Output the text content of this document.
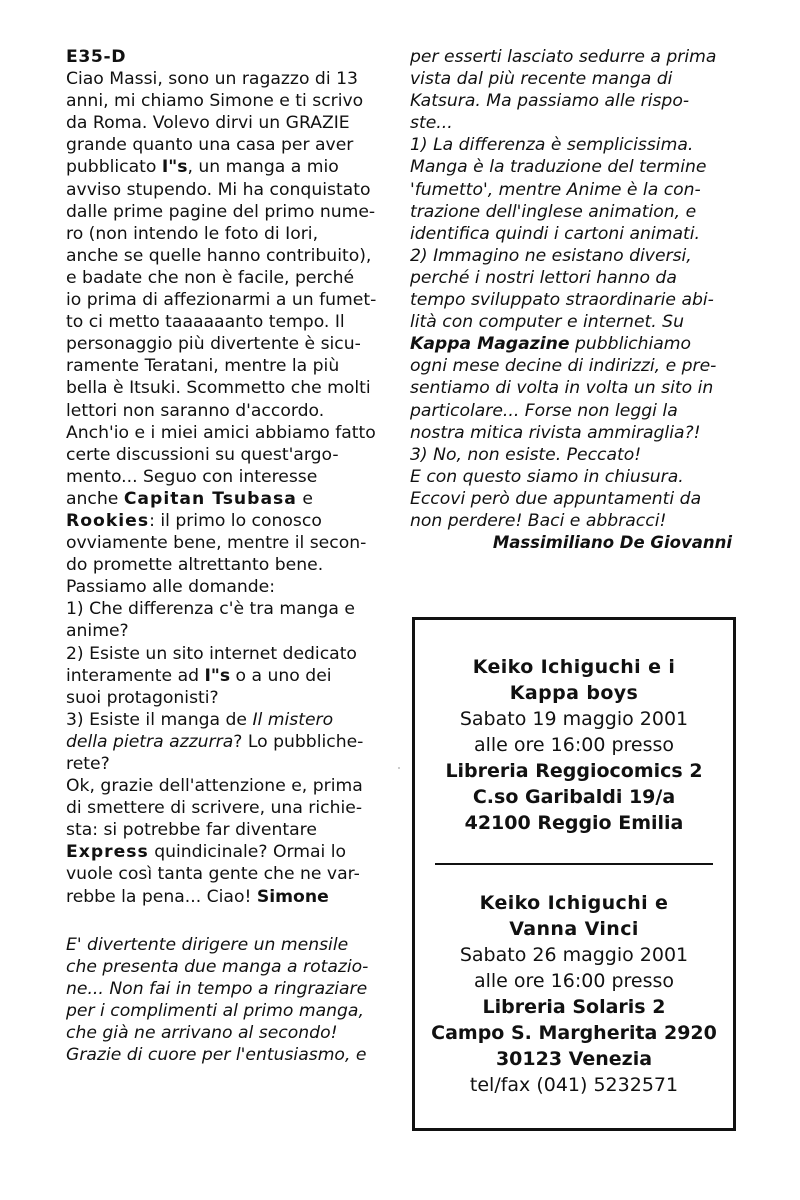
E35-D
Ciao Massi, sono un ragazzo di 13
anni, mi chiamo Simone e ti scrivo
da Roma. Volevo dirvi un GRAZIE
grande quanto una casa per aver
pubblicato I"s, un manga a mio
avviso stupendo. Mi ha conquistato
dalle prime pagine del primo nume-
ro (non intendo le foto di Iori,
anche se quelle hanno contribuito),
e badate che non è facile, perché
io prima di affezionarmi a un fumet-
to ci metto taaaaaanto tempo. Il
personaggio più divertente è sicu-
ramente Teratani, mentre la più
bella è Itsuki. Scommetto che molti
lettori non saranno d'accordo.
Anch'io e i miei amici abbiamo fatto
certe discussioni su quest'argo-
mento... Seguo con interesse
anche Capitan Tsubasa e
Rookies: il primo lo conosco
ovviamente bene, mentre il secon-
do promette altrettanto bene.
Passiamo alle domande:
1) Che differenza c'è tra manga e
anime?
2) Esiste un sito internet dedicato
interamente ad I"s o a uno dei
suoi protagonisti?
3) Esiste il manga de Il mistero
della pietra azzurra? Lo pubbliche-
rete?
Ok, grazie dell'attenzione e, prima
di smettere di scrivere, una richie-
sta: si potrebbe far diventare
Express quindicinale? Ormai lo
vuole così tanta gente che ne var-
rebbe la pena... Ciao! Simone
E' divertente dirigere un mensile
che presenta due manga a rotazio-
ne... Non fai in tempo a ringraziare
per i complimenti al primo manga,
che già ne arrivano al secondo!
Grazie di cuore per l'entusiasmo, e
per esserti lasciato sedurre a prima
vista dal più recente manga di
Katsura. Ma passiamo alle rispo-
ste...
1) La differenza è semplicissima.
Manga è la traduzione del termine
'fumetto', mentre Anime è la con-
trazione dell'inglese animation, e
identifica quindi i cartoni animati.
2) Immagino ne esistano diversi,
perché i nostri lettori hanno da
tempo sviluppato straordinarie abi-
lità con computer e internet. Su
Kappa Magazine pubblichiamo
ogni mese decine di indirizzi, e pre-
sentiamo di volta in volta un sito in
particolare... Forse non leggi la
nostra mitica rivista ammiraglia?!
3) No, non esiste. Peccato!
E con questo siamo in chiusura.
Eccovi però due appuntamenti da
non perdere! Baci e abbracci!
Massimiliano De Giovanni
Keiko Ichiguchi e i
Kappa boys
Sabato 19 maggio 2001
alle ore 16:00 presso
Libreria Reggiocomics 2
C.so Garibaldi 19/a
42100 Reggio Emilia
Keiko Ichiguchi e
Vanna Vinci
Sabato 26 maggio 2001
alle ore 16:00 presso
Libreria Solaris 2
Campo S. Margherita 2920
30123 Venezia
tel/fax (041) 5232571
